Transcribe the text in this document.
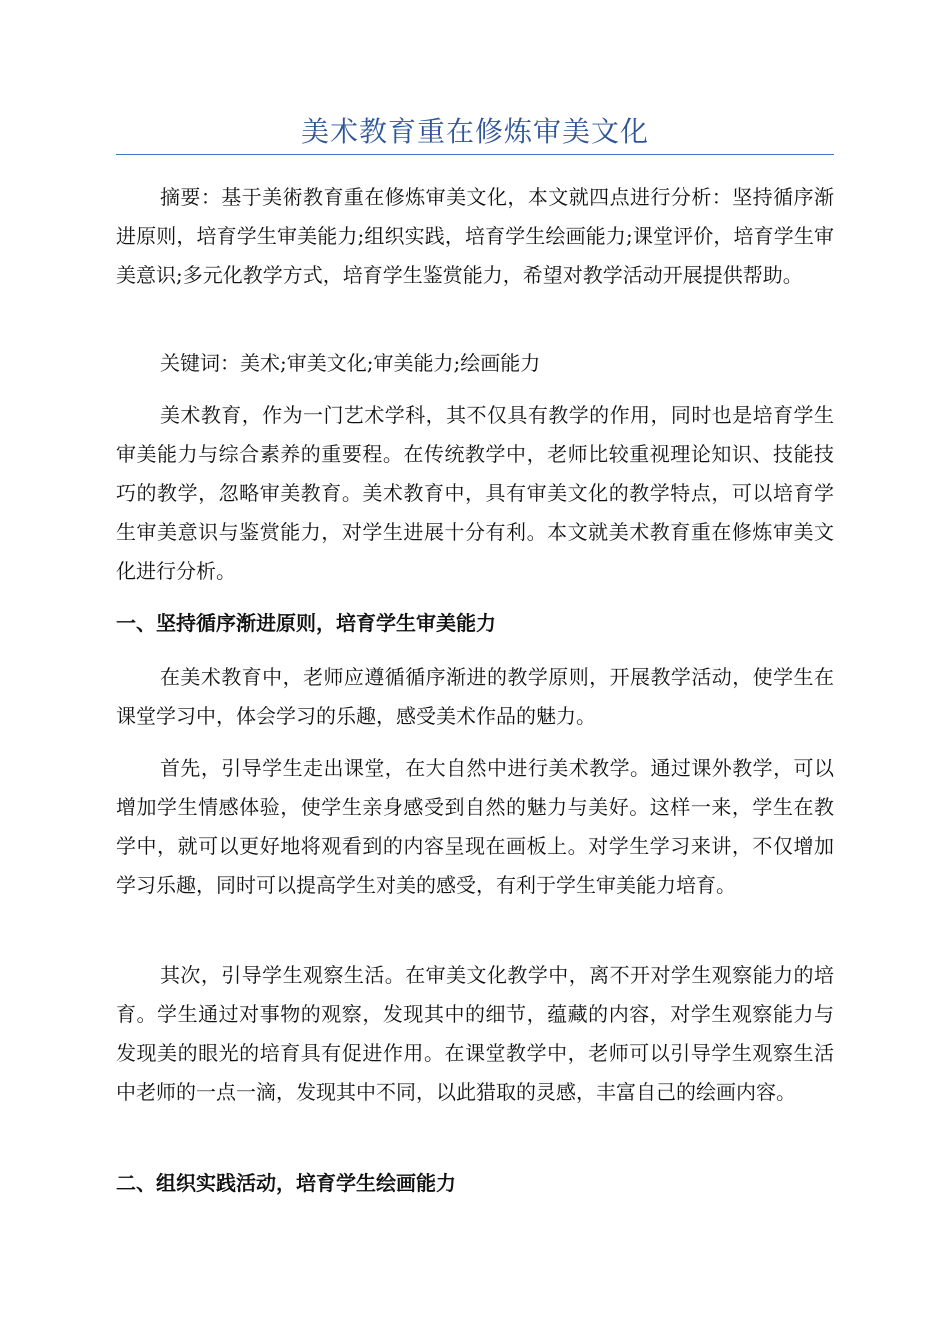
美术教育重在修炼审美文化

摘要：基于美術教育重在修炼审美文化，本文就四点进行分析：坚持循序渐进原则，培育学生审美能力;组织实践，培育学生绘画能力;课堂评价，培育学生审美意识;多元化教学方式，培育学生鉴赏能力，希望对教学活动开展提供帮助。

关键词：美术;审美文化;审美能力;绘画能力

美术教育，作为一门艺术学科，其不仅具有教学的作用，同时也是培育学生审美能力与综合素养的重要程。在传统教学中，老师比较重视理论知识、技能技巧的教学，忽略审美教育。美术教育中，具有审美文化的教学特点，可以培育学生审美意识与鉴赏能力，对学生进展十分有利。本文就美术教育重在修炼审美文化进行分析。

一、坚持循序渐进原则，培育学生审美能力

在美术教育中，老师应遵循循序渐进的教学原则，开展教学活动，使学生在课堂学习中，体会学习的乐趣，感受美术作品的魅力。

首先，引导学生走出课堂，在大自然中进行美术教学。通过课外教学，可以增加学生情感体验，使学生亲身感受到自然的魅力与美好。这样一来，学生在教学中，就可以更好地将观看到的内容呈现在画板上。对学生学习来讲，不仅增加学习乐趣，同时可以提高学生对美的感受，有利于学生审美能力培育。

其次，引导学生观察生活。在审美文化教学中，离不开对学生观察能力的培育。学生通过对事物的观察，发现其中的细节，蕴藏的内容，对学生观察能力与发现美的眼光的培育具有促进作用。在课堂教学中，老师可以引导学生观察生活中老师的一点一滴，发现其中不同，以此猎取的灵感，丰富自己的绘画内容。

二、组织实践活动，培育学生绘画能力
